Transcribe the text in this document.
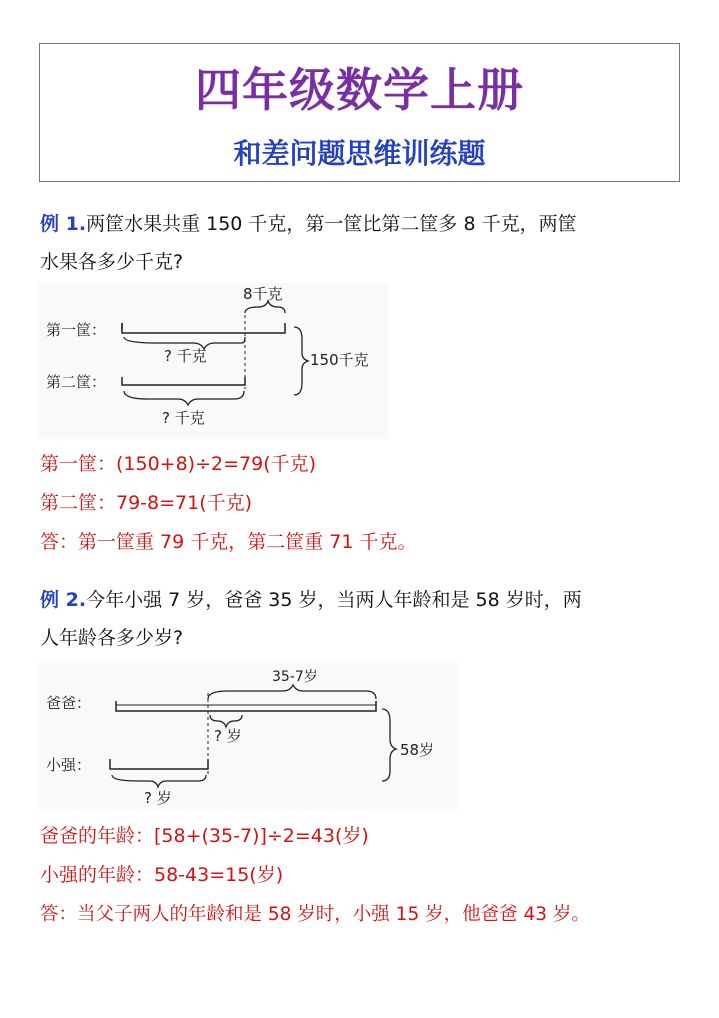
四年级数学上册
和差问题思维训练题
例 1.两筐水果共重 150 千克，第一筐比第二筐多 8 千克，两筐
水果各多少千克?
第一筐：
第二筐：
? 千克
8千克
? 千克
150千克
第一筐：(150+8)÷2=79(千克)
第二筐：79-8=71(千克)
答：第一筐重 79 千克，第二筐重 71 千克。
例 2.今年小强 7 岁，爸爸 35 岁，当两人年龄和是 58 岁时，两
人年龄各多少岁?
爸爸：
小强：
35-7岁
? 岁
? 岁
58岁
爸爸的年龄：[58+(35-7)]÷2=43(岁)
小强的年龄：58-43=15(岁)
答：当父子两人的年龄和是 58 岁时，小强 15 岁，他爸爸 43 岁。
